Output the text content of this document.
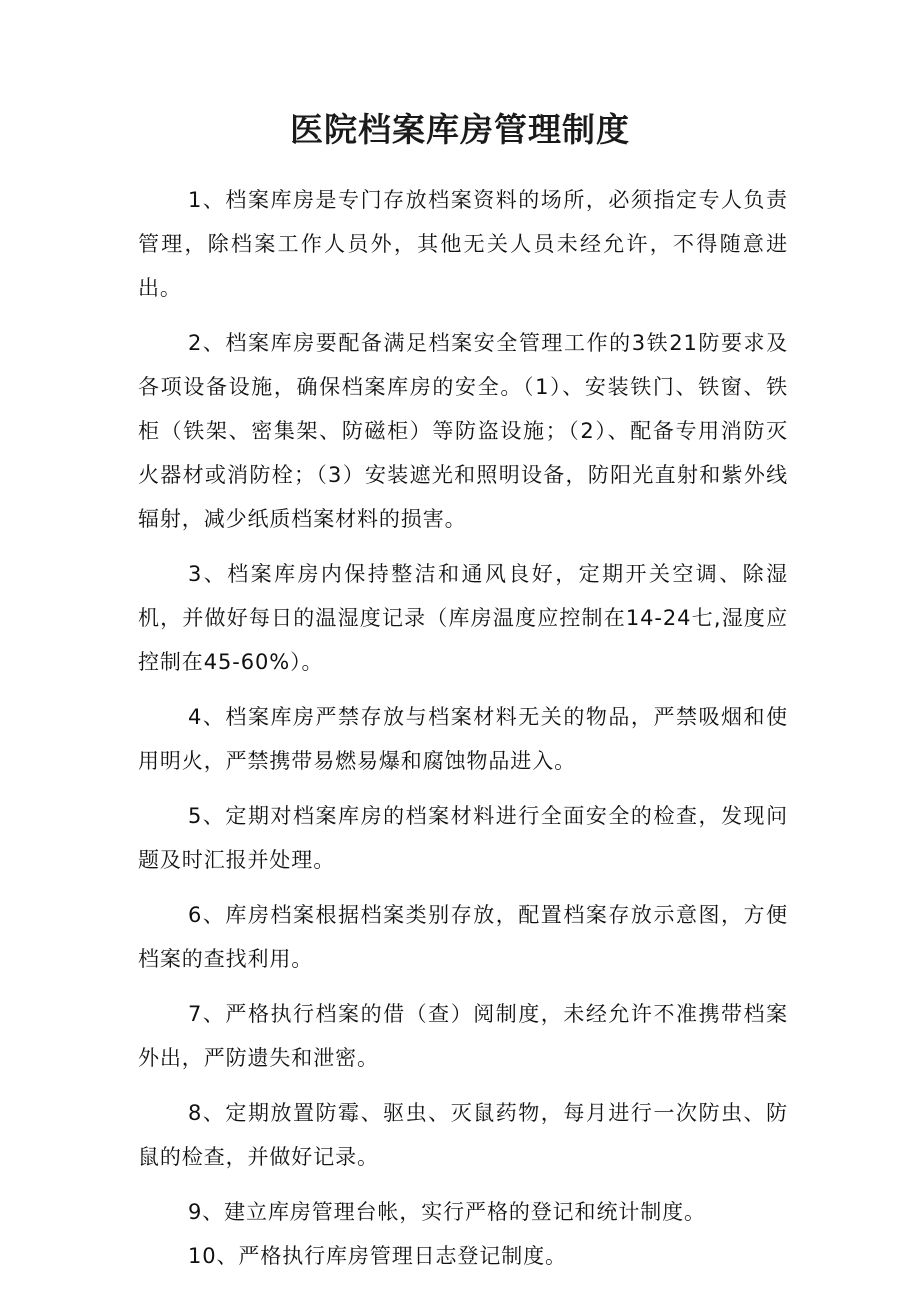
医院档案库房管理制度

1、档案库房是专门存放档案资料的场所，必须指定专人负责管理，除档案工作人员外，其他无关人员未经允许，不得随意进出。

2、档案库房要配备满足档案安全管理工作的3铁21防要求及各项设备设施，确保档案库房的安全。（1）、安装铁门、铁窗、铁柜（铁架、密集架、防磁柜）等防盗设施；（2）、配备专用消防灭火器材或消防栓；（3）安装遮光和照明设备，防阳光直射和紫外线辐射，减少纸质档案材料的损害。

3、档案库房内保持整洁和通风良好，定期开关空调、除湿机，并做好每日的温湿度记录（库房温度应控制在14-24七,湿度应控制在45-60%）。

4、档案库房严禁存放与档案材料无关的物品，严禁吸烟和使用明火，严禁携带易燃易爆和腐蚀物品进入。

5、定期对档案库房的档案材料进行全面安全的检查，发现问题及时汇报并处理。

6、库房档案根据档案类别存放，配置档案存放示意图，方便档案的查找利用。

7、严格执行档案的借（查）阅制度，未经允许不准携带档案外出，严防遗失和泄密。

8、定期放置防霉、驱虫、灭鼠药物，每月进行一次防虫、防鼠的检查，并做好记录。

9、建立库房管理台帐，实行严格的登记和统计制度。

10、严格执行库房管理日志登记制度。
